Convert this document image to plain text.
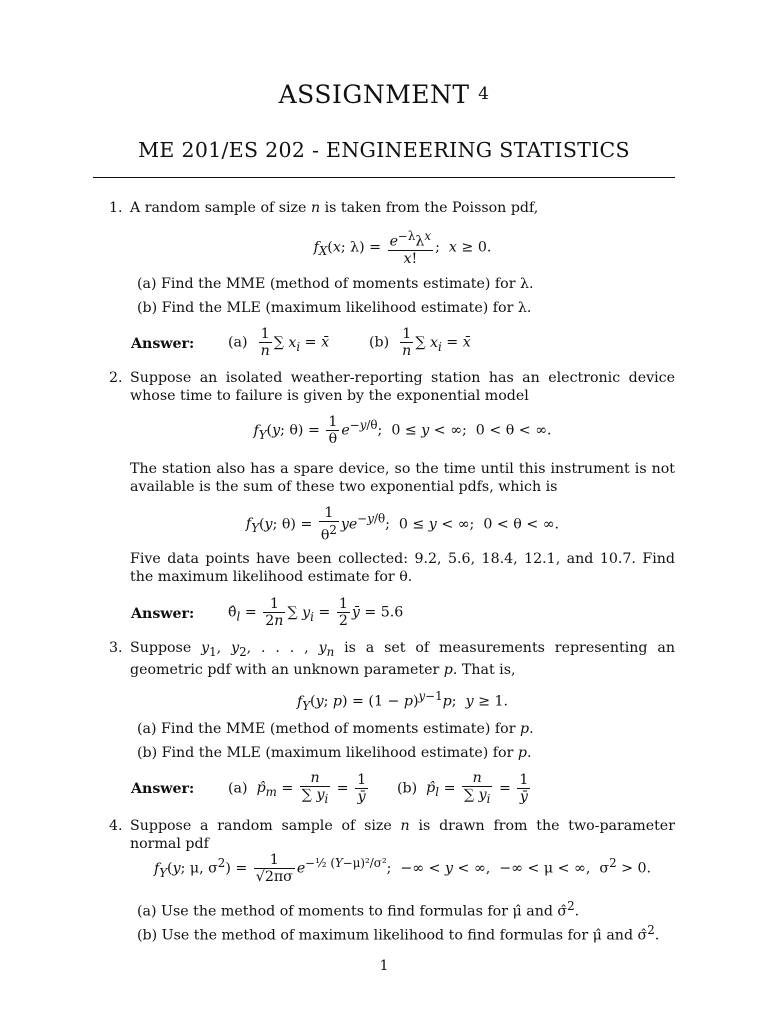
ASSIGNMENT 4
ME 201/ES 202 - ENGINEERING STATISTICS
1. A random sample of size n is taken from the Poisson pdf,
$f_X(x$; $\lambda) = \frac{e^{-\lambda}\lambda^x}{x!}$ ;  x ≥ 0.
(a) Find the MME (method of moments estimate) for λ.
(b) Find the MLE (maximum likelihood estimate) for λ.
Answer: $(a) \frac{1}{n}$ ∑ $x_i$ = x̄	$(b) \frac{1}{n}$ ∑ $x_i$ = x̄
2. Suppose an isolated weather-reporting station has an electronic device whose time to failure is given by the exponential model
$f_Y(y$; $\theta) = \frac{1}{\theta} e^{-y/\theta}$;  0 ≤ y < ∞;  0 < θ < ∞.
The station also has a spare device, so the time until this instrument is not available is the sum of these two exponential pdfs, which is
$f_Y(y$; $\theta) = \frac{1}{\theta^2} ye^{-y/\theta}$;  0 ≤ y < ∞;  0 < θ < ∞.
Five data points have been collected: 9.2, 5.6, 18.4, 12.1, and 10.7. Find the maximum likelihood estimate for θ.
Answer: $\thetâ_l = \frac{1}{2n}$ ∑ $y_i = \frac{1}{2}$ ȳ = 5.6
3. Suppose $y_1$, $y_2$, . . . , $y_n$ is a set of measurements representing an geometric pdf with an unknown parameter p. That is,
$f_Y(y$; $p) = (1 - p)^{y-1}p$;  y ≥ 1.
(a) Find the MME (method of moments estimate) for p.
(b) Find the MLE (maximum likelihood estimate) for p.
Answer: (a)  $p̂_m = \frac{n}{\sum y_i} = \frac{1}{ȳ} (b)$  $p̂_l = \frac{n}{\sum y_i} = \frac{1}{ȳ}$
4. Suppose a random sample of size n is drawn from the two-parameter normal pdf
$f_Y(y$; μ, $\sigma^2) = \frac{1}{√2\pi\sigma} e^{-\frac{1}{2} (Y-\mu)^2/\sigma^2}$;  −∞ < y < ∞,  −∞ < μ < ∞,  $\sigma^2 > 0$.
(a) Use the method of moments to find formulas for μ̂ and σ̂$^2$.
(b) Use the method of maximum likelihood to find formulas for μ̂ and σ̂$^2$.
1
